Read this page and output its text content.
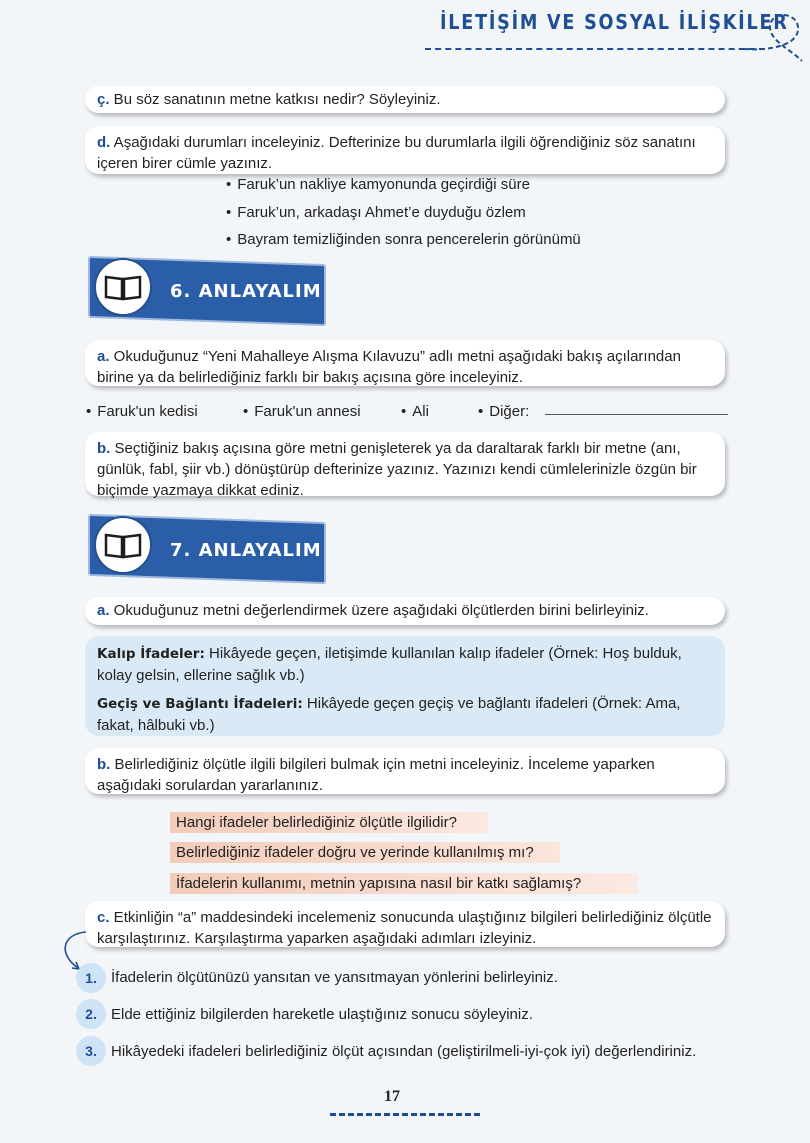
İLETİŞİM VE SOSYAL İLİŞKİLER
ç. Bu söz sanatının metne katkısı nedir? Söyleyiniz.
d. Aşağıdaki durumları inceleyiniz. Defterinize bu durumlarla ilgili öğrendiğiniz söz sanatını içeren birer cümle yazınız.
• Faruk’un nakliye kamyonunda geçirdiği süre
• Faruk’un, arkadaşı Ahmet’e duyduğu özlem
• Bayram temizliğinden sonra pencerelerin görünümü
6. ANLAYALIM
a. Okuduğunuz “Yeni Mahalleye Alışma Kılavuzu” adlı metni aşağıdaki bakış açılarından birine ya da belirlediğiniz farklı bir bakış açısına göre inceleyiniz.
• Faruk'un kedisi	• Faruk'un annesi	• Ali	• Diğer:
b. Seçtiğiniz bakış açısına göre metni genişleterek ya da daraltarak farklı bir metne (anı, günlük, fabl, şiir vb.) dönüştürüp defterinize yazınız. Yazınızı kendi cümlelerinizle özgün bir biçimde yazmaya dikkat ediniz.
7. ANLAYALIM
a. Okuduğunuz metni değerlendirmek üzere aşağıdaki ölçütlerden birini belirleyiniz.
Kalıp İfadeler: Hikâyede geçen, iletişimde kullanılan kalıp ifadeler (Örnek: Hoş bulduk, kolay gelsin, ellerine sağlık vb.)
Geçiş ve Bağlantı İfadeleri: Hikâyede geçen geçiş ve bağlantı ifadeleri (Örnek: Ama, fakat, hâlbuki vb.)
b. Belirlediğiniz ölçütle ilgili bilgileri bulmak için metni inceleyiniz. İnceleme yaparken aşağıdaki sorulardan yararlanınız.
Hangi ifadeler belirlediğiniz ölçütle ilgilidir?
Belirlediğiniz ifadeler doğru ve yerinde kullanılmış mı?
İfadelerin kullanımı, metnin yapısına nasıl bir katkı sağlamış?
c. Etkinliğin “a” maddesindeki incelemeniz sonucunda ulaştığınız bilgileri belirlediğiniz ölçütle karşılaştırınız. Karşılaştırma yaparken aşağıdaki adımları izleyiniz.
1. İfadelerin ölçütünüzü yansıtan ve yansıtmayan yönlerini belirleyiniz.
2. Elde ettiğiniz bilgilerden hareketle ulaştığınız sonucu söyleyiniz.
3. Hikâyedeki ifadeleri belirlediğiniz ölçüt açısından (geliştirilmeli-iyi-çok iyi) değerlendiriniz.
17
